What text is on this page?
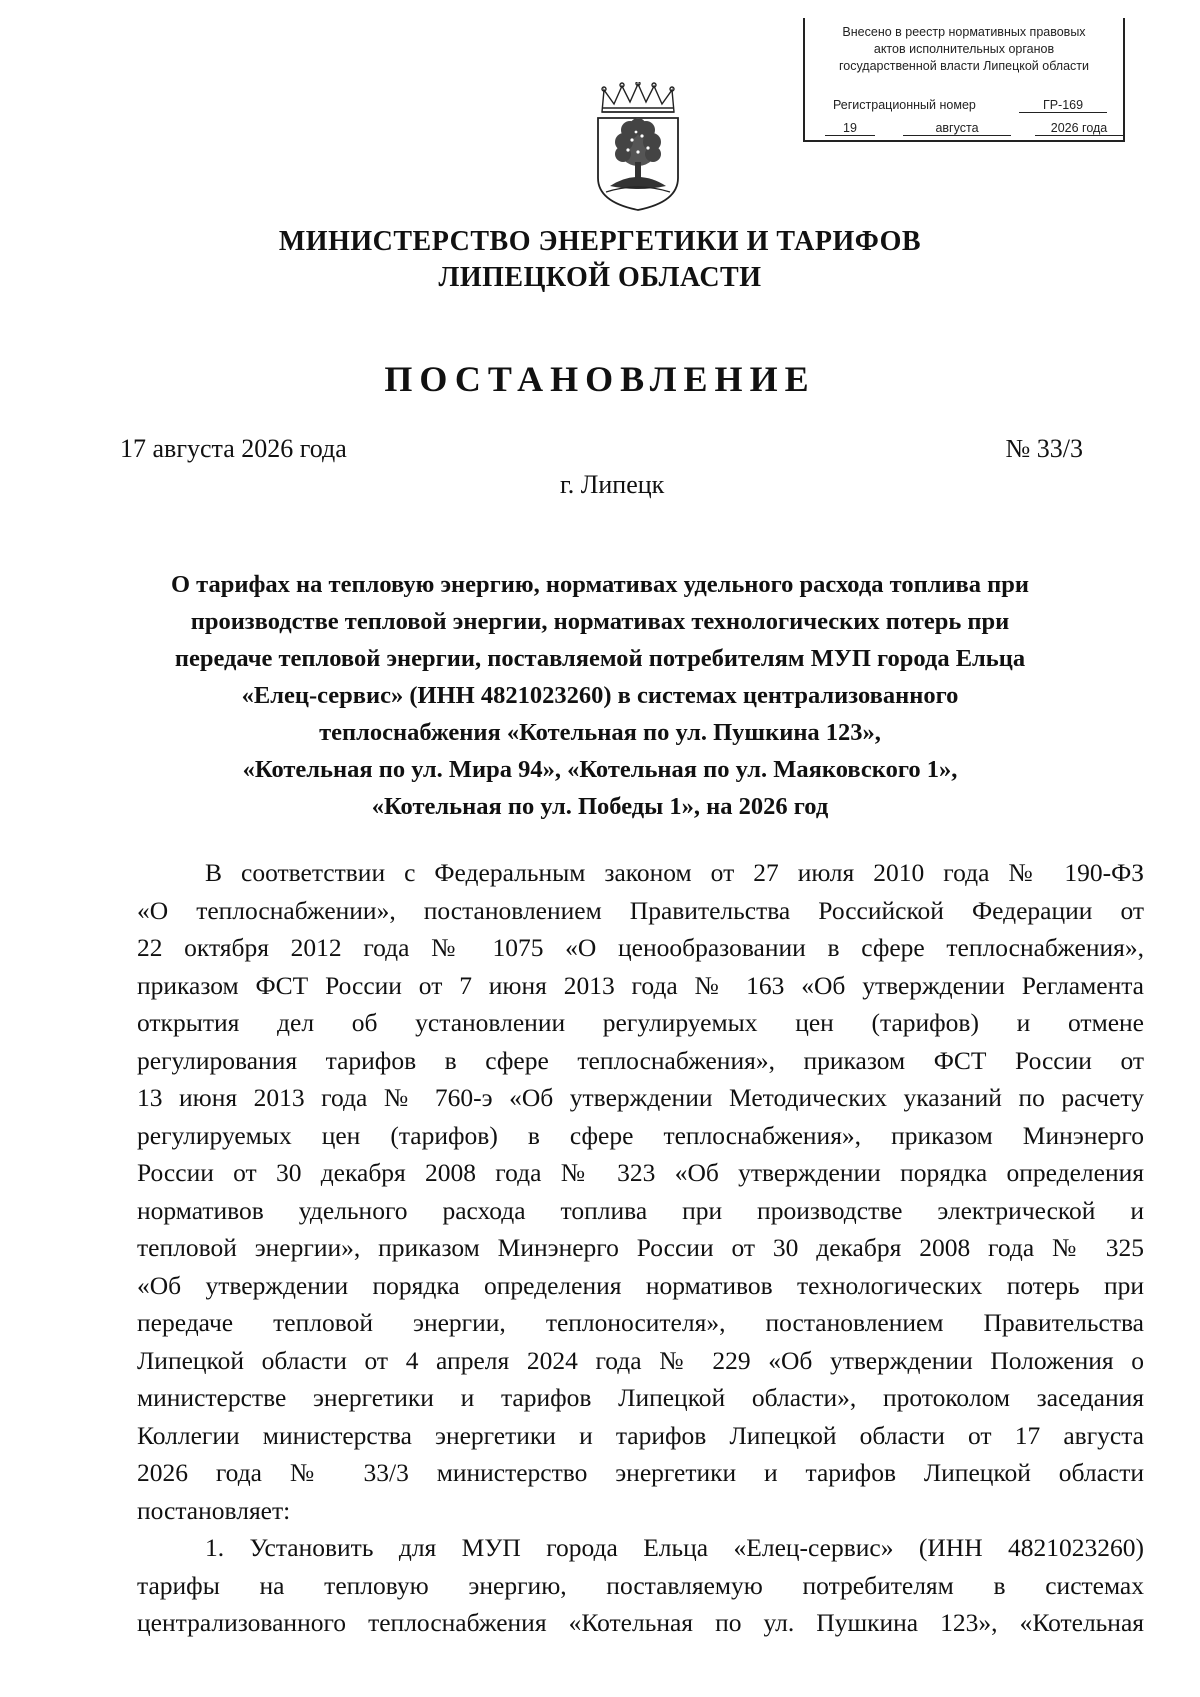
Внесено в реестр нормативных правовых
актов исполнительных органов
государственной власти Липецкой области
Регистрационный номер	ГР-169
19	августа	2026 года
МИНИСТЕРСТВО ЭНЕРГЕТИКИ И ТАРИФОВ
ЛИПЕЦКОЙ ОБЛАСТИ
ПОСТАНОВЛЕНИЕ
17 августа 2026 года	№ 33/3
г. Липецк
О тарифах на тепловую энергию, нормативах удельного расхода топлива при
производстве тепловой энергии, нормативах технологических потерь при
передаче тепловой энергии, поставляемой потребителям МУП города Ельца
«Елец-сервис» (ИНН 4821023260) в системах централизованного
теплоснабжения «Котельная по ул. Пушкина 123»,
«Котельная по ул. Мира 94», «Котельная по ул. Маяковского 1»,
«Котельная по ул. Победы 1», на 2026 год
В соответствии с Федеральным законом от 27 июля 2010 года № 190-ФЗ
«О теплоснабжении», постановлением Правительства Российской Федерации от
22 октября 2012 года № 1075 «О ценообразовании в сфере теплоснабжения»,
приказом ФСТ России от 7 июня 2013 года № 163 «Об утверждении Регламента
открытия дел об установлении регулируемых цен (тарифов) и отмене
регулирования тарифов в сфере теплоснабжения», приказом ФСТ России от
13 июня 2013 года № 760-э «Об утверждении Методических указаний по расчету
регулируемых цен (тарифов) в сфере теплоснабжения», приказом Минэнерго
России от 30 декабря 2008 года № 323 «Об утверждении порядка определения
нормативов удельного расхода топлива при производстве электрической и
тепловой энергии», приказом Минэнерго России от 30 декабря 2008 года № 325
«Об утверждении порядка определения нормативов технологических потерь при
передаче тепловой энергии, теплоносителя», постановлением Правительства
Липецкой области от 4 апреля 2024 года № 229 «Об утверждении Положения о
министерстве энергетики и тарифов Липецкой области», протоколом заседания
Коллегии министерства энергетики и тарифов Липецкой области от 17 августа
2026 года № 33/3 министерство энергетики и тарифов Липецкой области
постановляет:
1. Установить для МУП города Ельца «Елец-сервис» (ИНН 4821023260)
тарифы на тепловую энергию, поставляемую потребителям в системах
централизованного теплоснабжения «Котельная по ул. Пушкина 123», «Котельная
